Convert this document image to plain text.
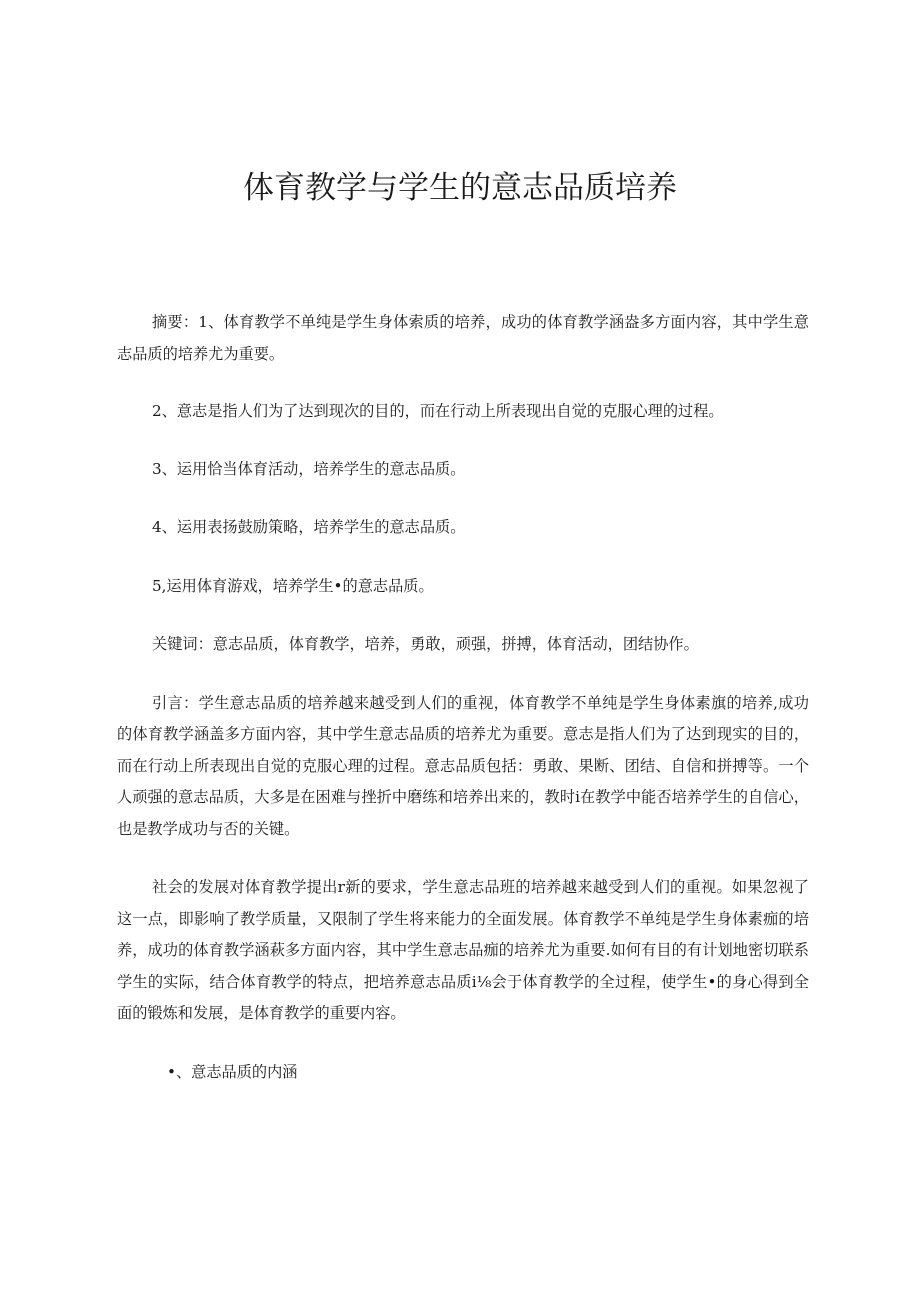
体育教学与学生的意志品质培养

摘要：1、体育教学不单纯是学生身体索质的培养，成功的体育教学涵盎多方面内容，其中学生意志品质的培养尤为重要。

2、意志是指人们为了达到现次的目的，而在行动上所表现出自觉的克服心理的过程。

3、运用恰当体育活动，培养学生的意志品质。

4、运用表扬鼓励策略，培养学生的意志品质。

5,运用体育游戏，培养学生•的意志品质。

关键词：意志品质，体育教学，培养，勇敢，顽强，拼搏，体育活动，团结协作。

引言：学生意志品质的培养越来越受到人们的重视，体育教学不单纯是学生身体素旗的培养,成功的体育教学涵盖多方面内容，其中学生意志品质的培养尤为重要。意志是指人们为了达到现实的目的，而在行动上所表现出自觉的克服心理的过程。意志品质包括：勇敢、果断、团结、自信和拼搏等。一个人顽强的意志品质，大多是在困难与挫折中磨练和培养出来的，教时i在教学中能否培养学生的自信心，也是教学成功与否的关键。

社会的发展对体育教学提出r新的要求，学生意志品班的培养越来越受到人们的重视。如果忽视了这一点，即影响了教学质量，又限制了学生将来能力的全面发展。体育教学不单纯是学生身体素痂的培养，成功的体育教学涵萩多方面内容，其中学生意志品痂的培养尤为重要.如何有目的有计划地密切联系学生的实际，结合体育教学的特点，把培养意志品质i⅛会于体育教学的全过程，使学生•的身心得到全面的锻炼和发展，是体育教学的重要内容。

•、意志品质的内涵
